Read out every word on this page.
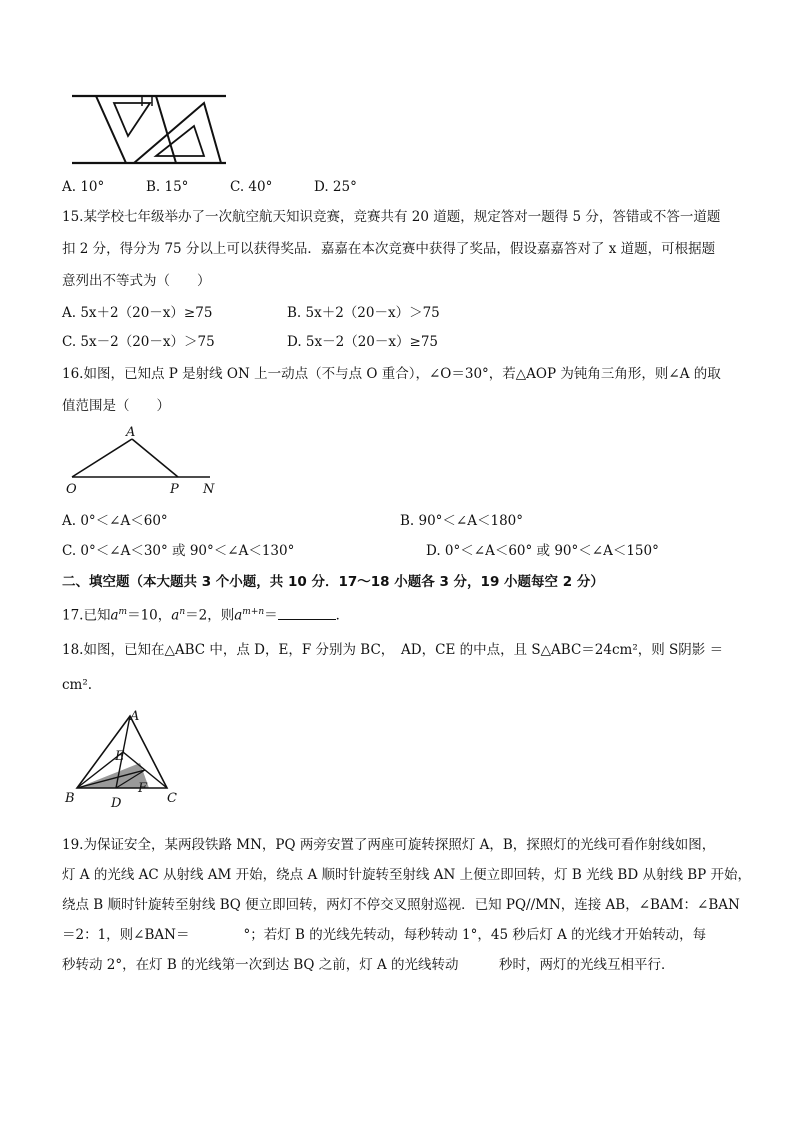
A. 10°	B. 15°	C. 40°	D. 25°
15.某学校七年级举办了一次航空航天知识竞赛，竞赛共有 20 道题，规定答对一题得 5 分，答错或不答一道题
扣 2 分，得分为 75 分以上可以获得奖品．嘉嘉在本次竞赛中获得了奖品，假设嘉嘉答对了 x 道题，可根据题
意列出不等式为（　　）
A. 5x＋2（20－x）≥75	B. 5x＋2（20－x）＞75
C. 5x－2（20－x）＞75	D. 5x－2（20－x）≥75
16.如图，已知点 P 是射线 ON 上一动点（不与点 O 重合），∠O＝30°，若△AOP 为钝角三角形，则∠A 的取
值范围是（　　）
A
O	P N
A. 0°＜∠A＜60°	B. 90°＜∠A＜180°
C. 0°＜∠A＜30° 或 90°＜∠A＜130°	D. 0°＜∠A＜60° 或 90°＜∠A＜150°
二、填空题（本大题共 3 个小题，共 10 分．17～18 小题各 3 分，19 小题每空 2 分）
17.已知$a^m=10$，$a^n=2$，则$a^{m+n}=$	．
18.如图，已知在△ABC 中，点 D，E，F 分别为 BC，　AD，CE 的中点，且 S△ABC＝24cm²，则 S阴影 ＝
cm².
A
E
F
B	D	C
19.为保证安全，某两段铁路 MN，PQ 两旁安置了两座可旋转探照灯 A，B，探照灯的光线可看作射线如图，
灯 A 的光线 AC 从射线 AM 开始，绕点 A 顺时针旋转至射线 AN 上便立即回转，灯 B 光线 BD 从射线 BP 开始，
绕点 B 顺时针旋转至射线 BQ 便立即回转，两灯不停交叉照射巡视．已知 PQ//MN，连接 AB，∠BAM：∠BAN
＝2：1，则∠BAN＝　　　　°；若灯 B 的光线先转动，每秒转动 1°，45 秒后灯 A 的光线才开始转动，每
秒转动 2°，在灯 B 的光线第一次到达 BQ 之前，灯 A 的光线转动　　　秒时，两灯的光线互相平行．
